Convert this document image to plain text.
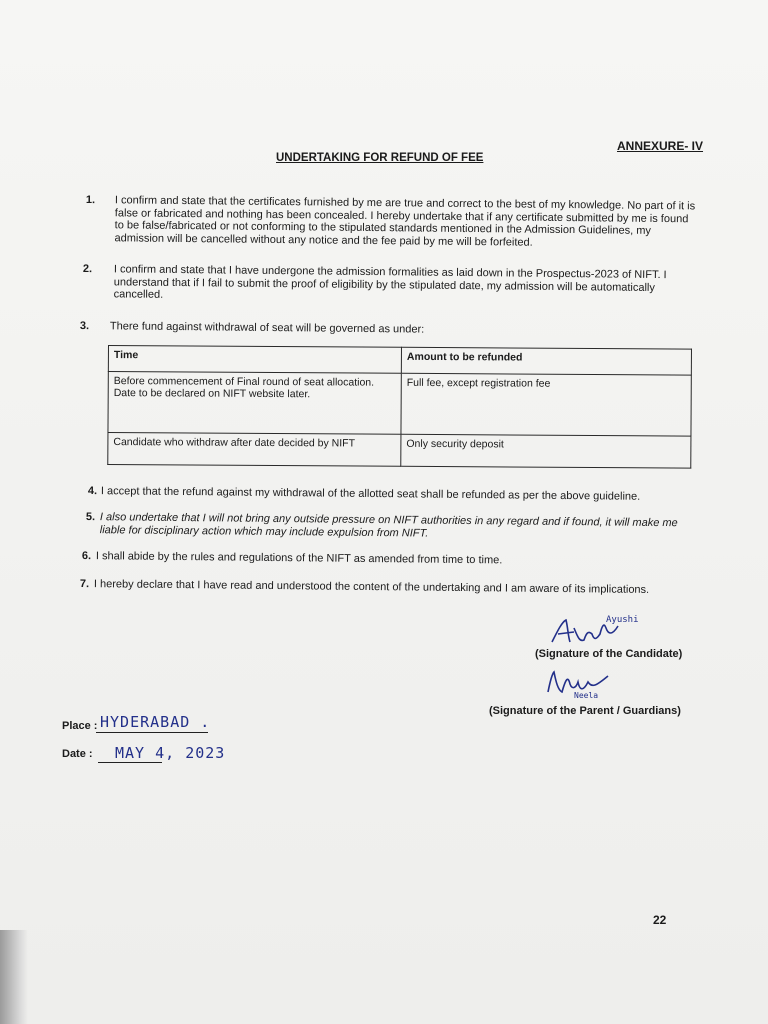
ANNEXURE- IV
UNDERTAKING FOR REFUND OF FEE
1. I confirm and state that the certificates furnished by me are true and correct to the best of my knowledge. No part of it is false or fabricated and nothing has been concealed. I hereby undertake that if any certificate submitted by me is found to be false/fabricated or not conforming to the stipulated standards mentioned in the Admission Guidelines, my admission will be cancelled without any notice and the fee paid by me will be forfeited.
2. I confirm and state that I have undergone the admission formalities as laid down in the Prospectus-2023 of NIFT. I understand that if I fail to submit the proof of eligibility by the stipulated date, my admission will be automatically cancelled.
3. There fund against withdrawal of seat will be governed as under:
Time	Amount to be refunded
Before commencement of Final round of seat allocation. Date to be declared on NIFT website later.	Full fee, except registration fee
Candidate who withdraw after date decided by NIFT	Only security deposit
4. I accept that the refund against my withdrawal of the allotted seat shall be refunded as per the above guideline.
5. I also undertake that I will not bring any outside pressure on NIFT authorities in any regard and if found, it will make me liable for disciplinary action which may include expulsion from NIFT.
6. I shall abide by the rules and regulations of the NIFT as amended from time to time.
7. I hereby declare that I have read and understood the content of the undertaking and I am aware of its implications.
Ayushi
(Signature of the Candidate)
Neela
(Signature of the Parent / Guardians)
Place : HYDERABAD .
Date : MAY 4, 2023
22
